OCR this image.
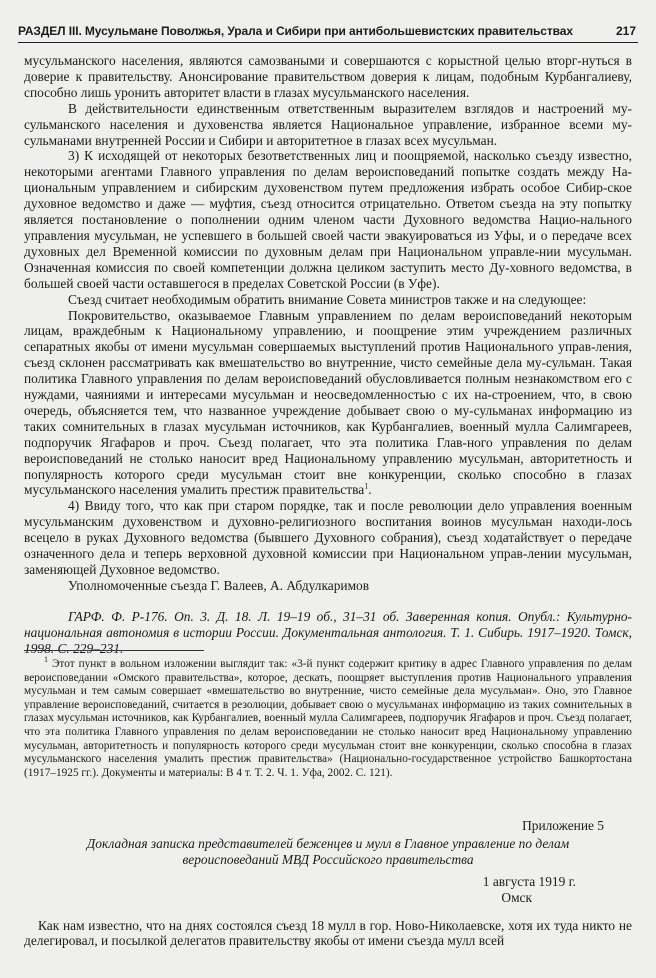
РАЗДЕЛ III. Мусульмане Поволжья, Урала и Сибири при антибольшевистских правительствах	217

мусульманского населения, являются самозваными и совершаются с корыстной целью вторг-нуться в доверие к правительству. Анонсирование правительством доверия к лицам, подобным Курбангалиеву, способно лишь уронить авторитет власти в глазах мусульманского населения.

В действительности единственным ответственным выразителем взглядов и настроений му-сульманского населения и духовенства является Национальное управление, избранное всеми му-сульманами внутренней России и Сибири и авторитетное в глазах всех мусульман.

3) К исходящей от некоторых безответственных лиц и поощряемой, насколько съезду известно, некоторыми агентами Главного управления по делам вероисповеданий попытке создать между На-циональным управлением и сибирским духовенством путем предложения избрать особое Сибир-ское духовное ведомство и даже — муфтия, съезд относится отрицательно. Ответом съезда на эту попытку является постановление о пополнении одним членом части Духовного ведомства Нацио-нального управления мусульман, не успевшего в большей своей части эвакуироваться из Уфы, и о передаче всех духовных дел Временной комиссии по духовным делам при Национальном управле-нии мусульман. Означенная комиссия по своей компетенции должна целиком заступить место Ду-ховного ведомства, в большей своей части оставшегося в пределах Советской России (в Уфе).

Съезд считает необходимым обратить внимание Совета министров также и на следующее:

Покровительство, оказываемое Главным управлением по делам вероисповеданий некоторым лицам, враждебным к Национальному управлению, и поощрение этим учреждением различных сепаратных якобы от имени мусульман совершаемых выступлений против Национального управ-ления, съезд склонен рассматривать как вмешательство во внутренние, чисто семейные дела му-сульман. Такая политика Главного управления по делам вероисповеданий обусловливается полным незнакомством его с нуждами, чаяниями и интересами мусульман и неосведомленностью с их на-строением, что, в свою очередь, объясняется тем, что названное учреждение добывает свою о му-сульманах информацию из таких сомнительных в глазах мусульман источников, как Курбангалиев, военный мулла Салимгареев, подпоручик Ягафаров и проч. Съезд полагает, что эта политика Глав-ного управления по делам вероисповеданий не столько наносит вред Национальному управлению мусульман, авторитетность и популярность которого среди мусульман стоит вне конкуренции, сколько способно в глазах мусульманского населения умалить престиж правительства$^1$.

4) Ввиду того, что как при старом порядке, так и после революции дело управления военным мусульманским духовенством и духовно-религиозного воспитания воинов мусульман находи-лось всецело в руках Духовного ведомства (бывшего Духовного собрания), съезд ходатайствует о передаче означенного дела и теперь верховной духовной комиссии при Национальном управ-лении мусульман, заменяющей Духовное ведомство.

Уполномоченные съезда Г. Валеев, А. Абдулкаримов

ГАРФ. Ф. Р-176. Оп. 3. Д. 18. Л. 19–19 об., 31–31 об. Заверенная копия. Опубл.: Культурно-национальная автономия в истории России. Документальная антология. Т. 1. Сибирь. 1917–1920. Томск, 1998. С. 229–231.

$^1$ Этот пункт в вольном изложении выглядит так: «3-й пункт содержит критику в адрес Главного управления по делам вероисповедании «Омского правительства», которое, дескать, поощряет выступления против Национального управления мусульман и тем самым совершает «вмешательство во внутренние, чисто семейные дела мусульман». Оно, это Главное управление вероисповеданий, считается в резолюции, добывает свою о мусульманах информацию из таких сомнительных в глазах мусульман источников, как Курбангалиев, военный мулла Салимгареев, подпоручик Ягафаров и проч. Съезд полагает, что эта политика Главного управления по делам вероисповедании не столько наносит вред Национальному управлению мусульман, авторитетность и популярность которого среди мусульман стоит вне конкуренции, сколько способна в глазах мусульманского населения умалить престиж правительства» (Национально-государственное устройство Башкортостана (1917–1925 гг.). Документы и материалы: В 4 т. Т. 2. Ч. 1. Уфа, 2002. С. 121).

Приложение 5
Докладная записка представителей беженцев и мулл в Главное управление по делам вероисповеданий МВД Российского правительства
1 августа 1919 г.
Омск
Как нам известно, что на днях состоялся съезд 18 мулл в гор. Ново-Николаевске, хотя их туда никто не делегировал, и посылкой делегатов правительству якобы от имени съезда мулл всей
